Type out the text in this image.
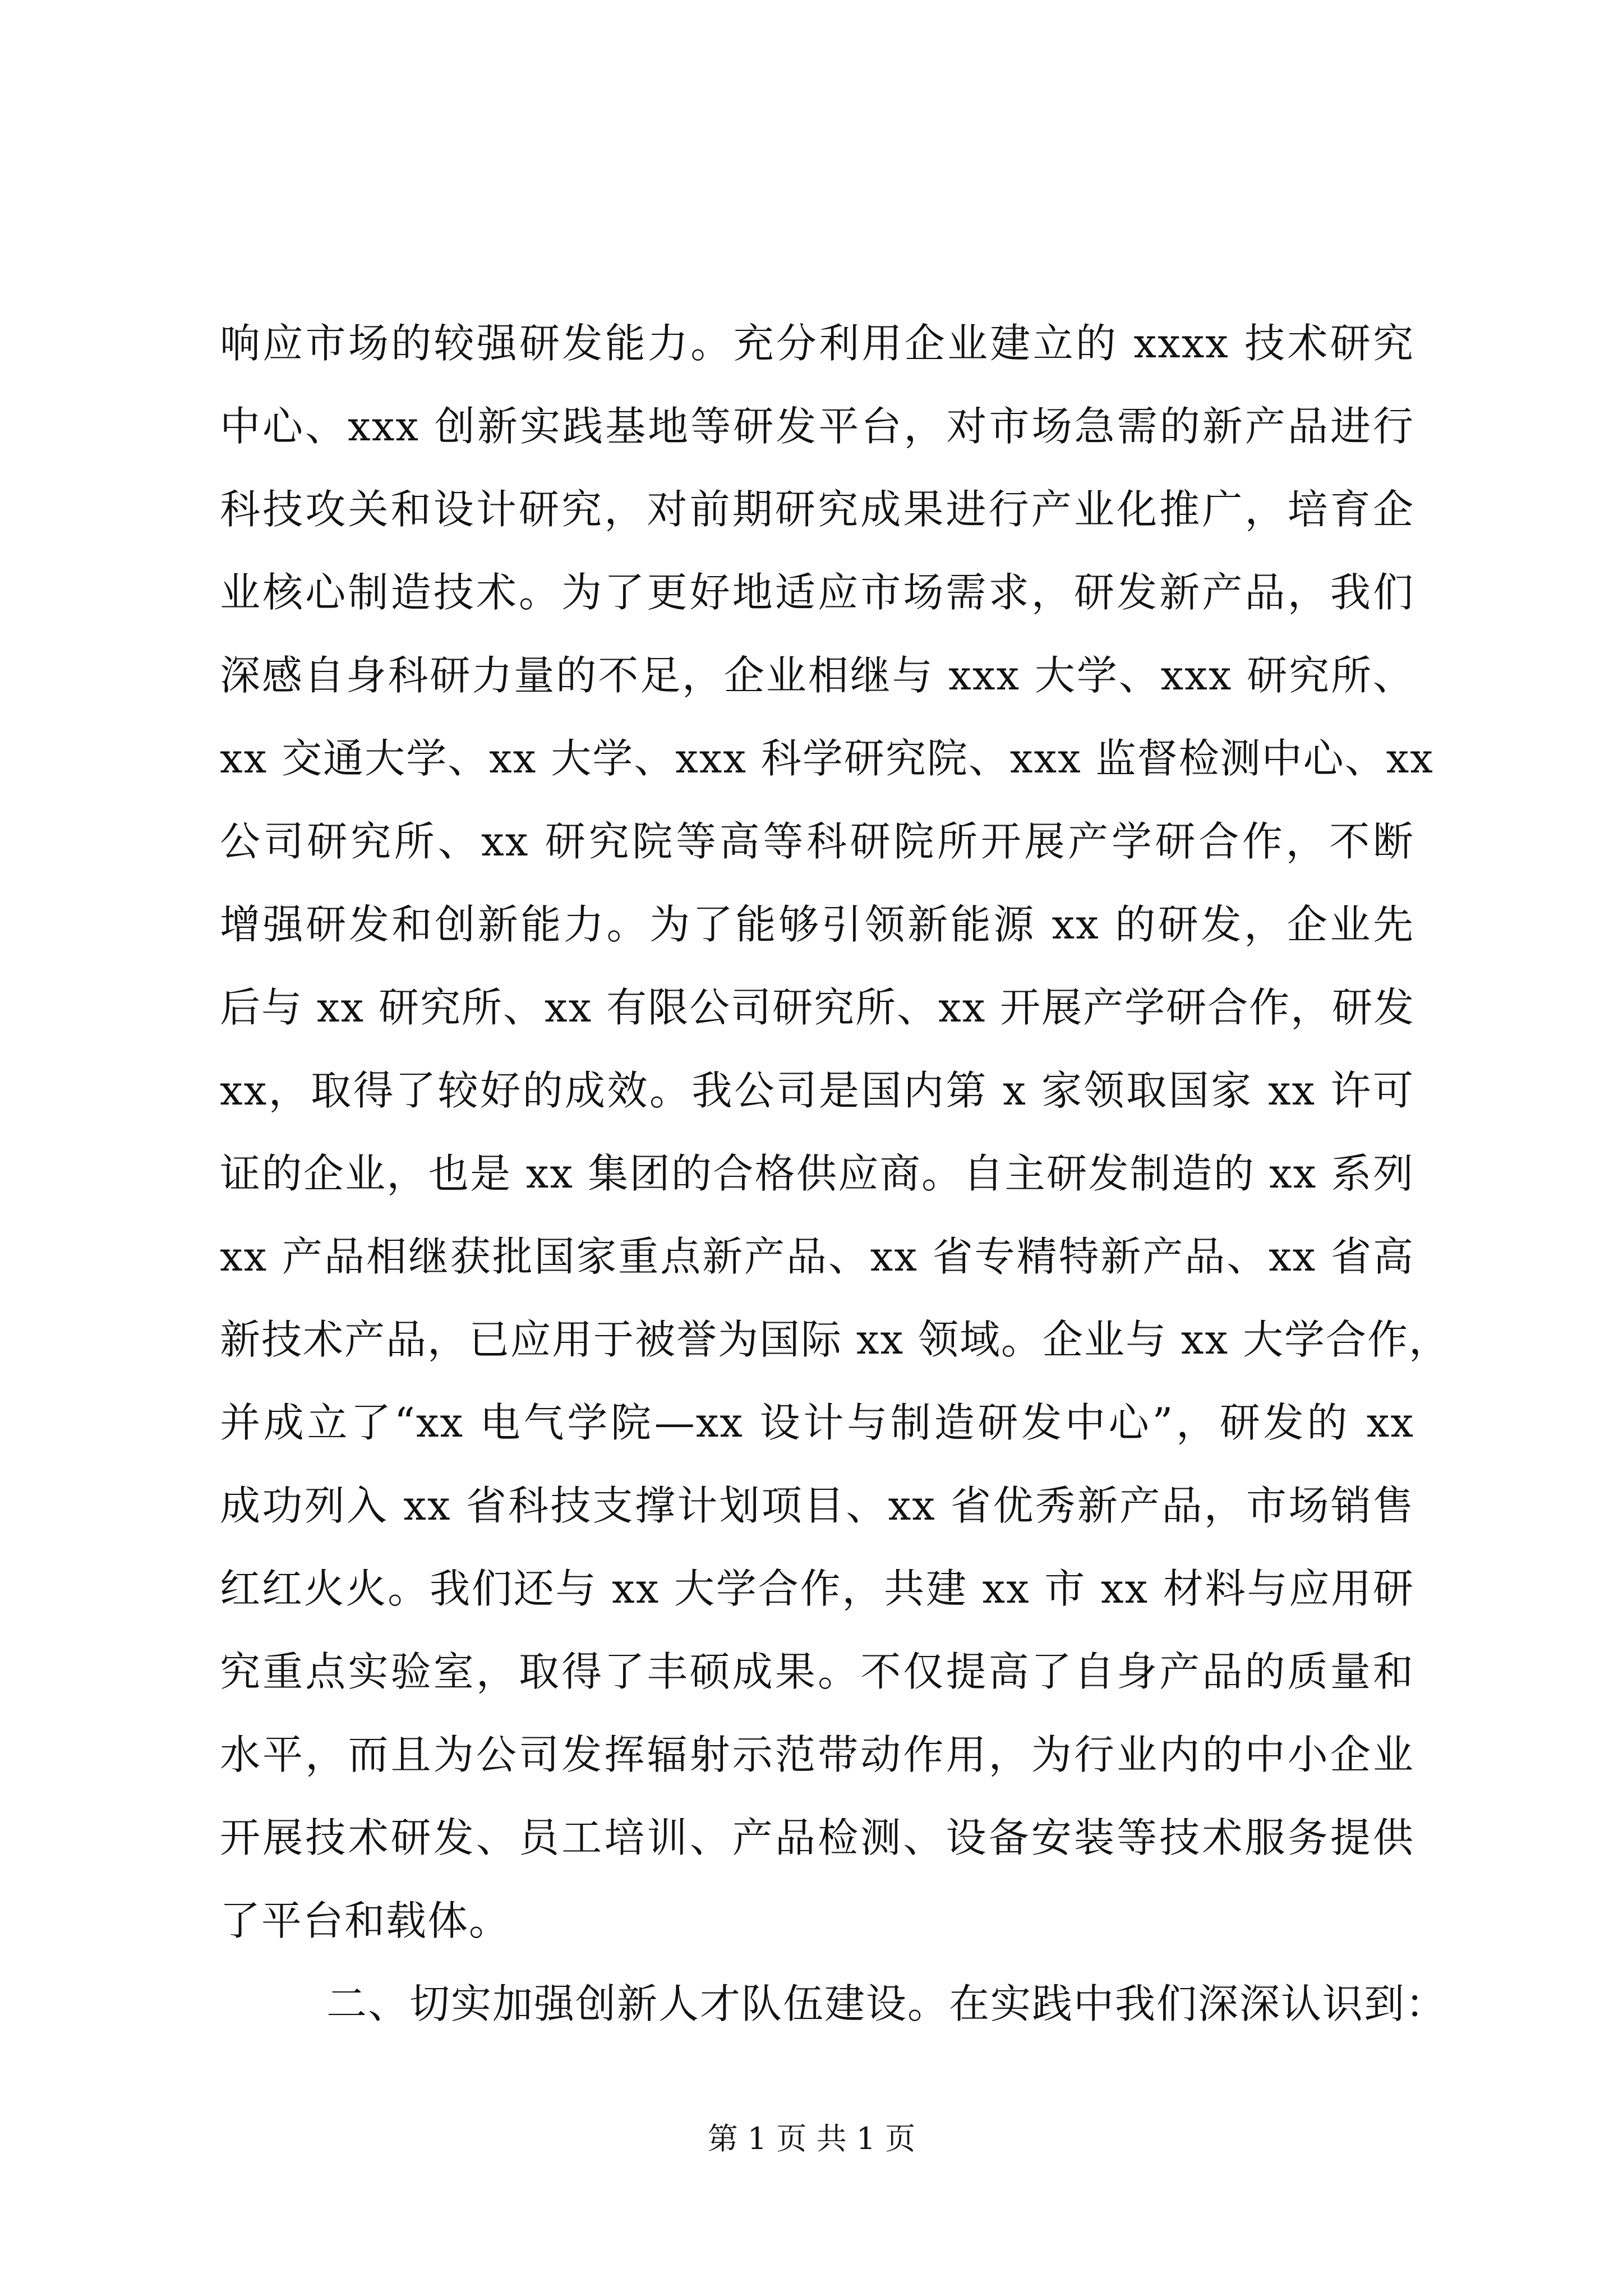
响应市场的较强研发能力。充分利用企业建立的 xxxx 技术研究
中心、xxx 创新实践基地等研发平台，对市场急需的新产品进行
科技攻关和设计研究，对前期研究成果进行产业化推广，培育企
业核心制造技术。为了更好地适应市场需求，研发新产品，我们
深感自身科研力量的不足，企业相继与 xxx 大学、xxx 研究所、
xx 交通大学、xx 大学、xxx 科学研究院、xxx 监督检测中心、xx
公司研究所、xx 研究院等高等科研院所开展产学研合作，不断
增强研发和创新能力。为了能够引领新能源 xx 的研发，企业先
后与 xx 研究所、xx 有限公司研究所、xx 开展产学研合作，研发
xx，取得了较好的成效。我公司是国内第 x 家领取国家 xx 许可
证的企业，也是 xx 集团的合格供应商。自主研发制造的 xx 系列
xx 产品相继获批国家重点新产品、xx 省专精特新产品、xx 省高
新技术产品，已应用于被誉为国际 xx 领域。企业与 xx 大学合作，
并成立了“xx 电气学院—xx 设计与制造研发中心”，研发的 xx
成功列入 xx 省科技支撑计划项目、xx 省优秀新产品，市场销售
红红火火。我们还与 xx 大学合作，共建 xx 市 xx 材料与应用研
究重点实验室，取得了丰硕成果。不仅提高了自身产品的质量和
水平，而且为公司发挥辐射示范带动作用，为行业内的中小企业
开展技术研发、员工培训、产品检测、设备安装等技术服务提供
了平台和载体。
二、切实加强创新人才队伍建设。在实践中我们深深认识到：
第 1 页 共 1 页
